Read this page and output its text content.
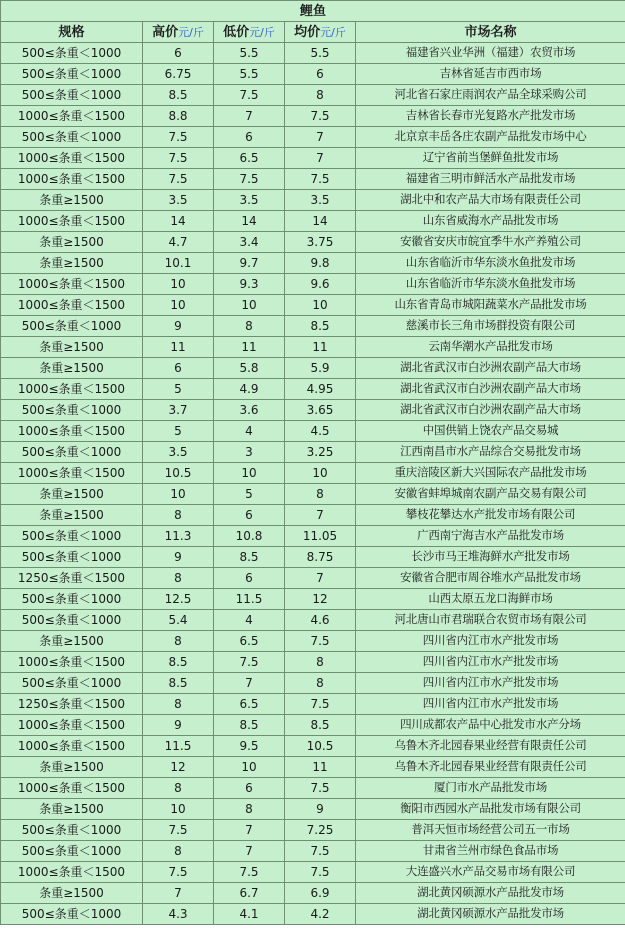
鲤鱼				
规格	高价元/斤	低价元/斤	均价元/斤	市场名称
500≤条重＜1000	6	5.5	5.5	福建省兴业华洲（福建）农贸市场
500≤条重＜1000	6.75	5.5	6	吉林省延吉市西市场
500≤条重＜1000	8.5	7.5	8	河北省石家庄雨润农产品全球采购公司
1000≤条重＜1500	8.8	7	7.5	吉林省长春市光复路水产批发市场
500≤条重＜1000	7.5	6	7	北京京丰岳各庄农副产品批发市场中心
1000≤条重＜1500	7.5	6.5	7	辽宁省前当堡鲜鱼批发市场
1000≤条重＜1500	7.5	7.5	7.5	福建省三明市鲜活水产品批发市场
条重≥1500	3.5	3.5	3.5	湖北中和农产品大市场有限责任公司
1000≤条重＜1500	14	14	14	山东省威海水产品批发市场
条重≥1500	4.7	3.4	3.75	安徽省安庆市皖宜季牛水产养殖公司
条重≥1500	10.1	9.7	9.8	山东省临沂市华东淡水鱼批发市场
1000≤条重＜1500	10	9.3	9.6	山东省临沂市华东淡水鱼批发市场
1000≤条重＜1500	10	10	10	山东省青岛市城阳蔬菜水产品批发市场
500≤条重＜1000	9	8	8.5	慈溪市长三角市场群投资有限公司
条重≥1500	11	11	11	云南华潮水产品批发市场
条重≥1500	6	5.8	5.9	湖北省武汉市白沙洲农副产品大市场
1000≤条重＜1500	5	4.9	4.95	湖北省武汉市白沙洲农副产品大市场
500≤条重＜1000	3.7	3.6	3.65	湖北省武汉市白沙洲农副产品大市场
1000≤条重＜1500	5	4	4.5	中国供销上饶农产品交易城
500≤条重＜1000	3.5	3	3.25	江西南昌市水产品综合交易批发市场
1000≤条重＜1500	10.5	10	10	重庆涪陵区新大兴国际农产品批发市场
条重≥1500	10	5	8	安徽省蚌埠城南农副产品交易有限公司
条重≥1500	8	6	7	攀枝花攀达水产批发市场有限公司
500≤条重＜1000	11.3	10.8	11.05	广西南宁海吉水产品批发市场
500≤条重＜1000	9	8.5	8.75	长沙市马王堆海鲜水产批发市场
1250≤条重＜1500	8	6	7	安徽省合肥市周谷堆水产品批发市场
500≤条重＜1000	12.5	11.5	12	山西太原五龙口海鲜市场
500≤条重＜1000	5.4	4	4.6	河北唐山市君瑞联合农贸市场有限公司
条重≥1500	8	6.5	7.5	四川省内江市水产批发市场
1000≤条重＜1500	8.5	7.5	8	四川省内江市水产批发市场
500≤条重＜1000	8.5	7	8	四川省内江市水产批发市场
1250≤条重＜1500	8	6.5	7.5	四川省内江市水产批发市场
1000≤条重＜1500	9	8.5	8.5	四川成都农产品中心批发市水产分场
1000≤条重＜1500	11.5	9.5	10.5	乌鲁木齐北园春果业经营有限责任公司
条重≥1500	12	10	11	乌鲁木齐北园春果业经营有限责任公司
1000≤条重＜1500	8	6	7.5	厦门市水产品批发市场
条重≥1500	10	8	9	衡阳市西园水产品批发市场有限公司
500≤条重＜1000	7.5	7	7.25	普洱天恒市场经营公司五一市场
500≤条重＜1000	8	7	7.5	甘肃省兰州市绿色食品市场
1000≤条重＜1500	7.5	7.5	7.5	大连盛兴水产品交易市场有限公司
条重≥1500	7	6.7	6.9	湖北黄冈硕源水产品批发市场
500≤条重＜1000	4.3	4.1	4.2	湖北黄冈硕源水产品批发市场
